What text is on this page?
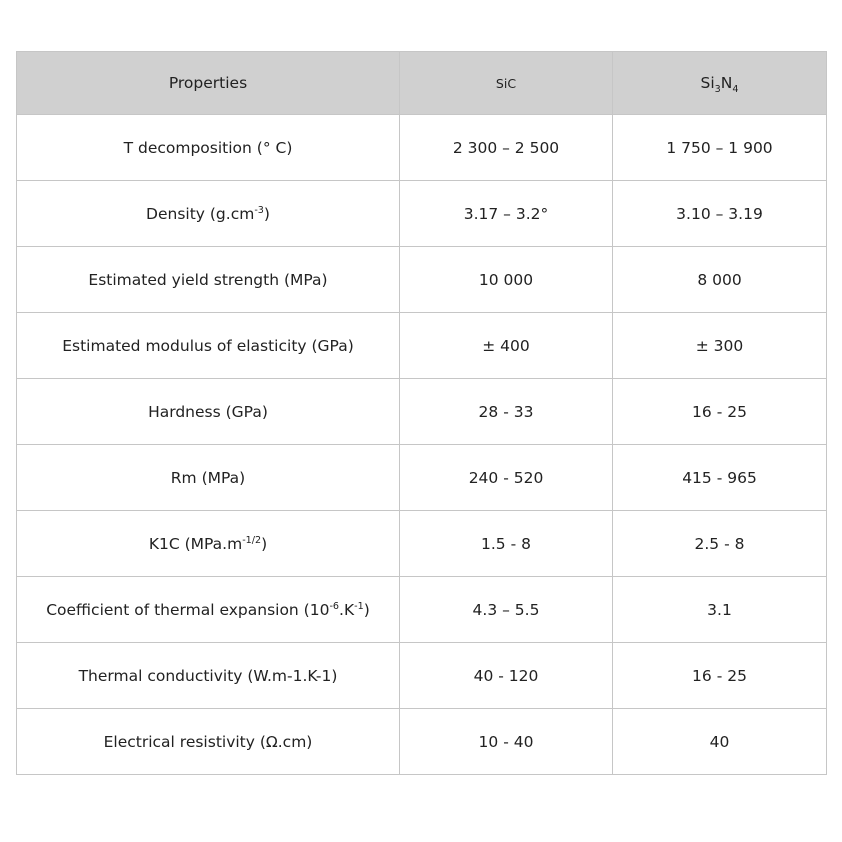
Properties	SiC	$Si_3N_4$
T decomposition (° C)	2 300 – 2 500	1 750 – 1 900
Density $(g.cm^{-3})$	3.17 – 3.2°	3.10 – 3.19
Estimated yield strength (MPa)	10 000	8 000
Estimated modulus of elasticity (GPa)	± 400	± 300
Hardness (GPa)	28 - 33	16 - 25
Rm (MPa)	240 - 520	415 - 965
K1C $(MPa.m^{-1/2})$	1.5 - 8	2.5 - 8
Coefficient of thermal expansion $(10^{-6}.K^{-1})$	4.3 – 5.5	3.1
Thermal conductivity (W.m-1.K-1)	40 - 120	16 - 25
Electrical resistivity (Ω.cm)	10 - 40	40
